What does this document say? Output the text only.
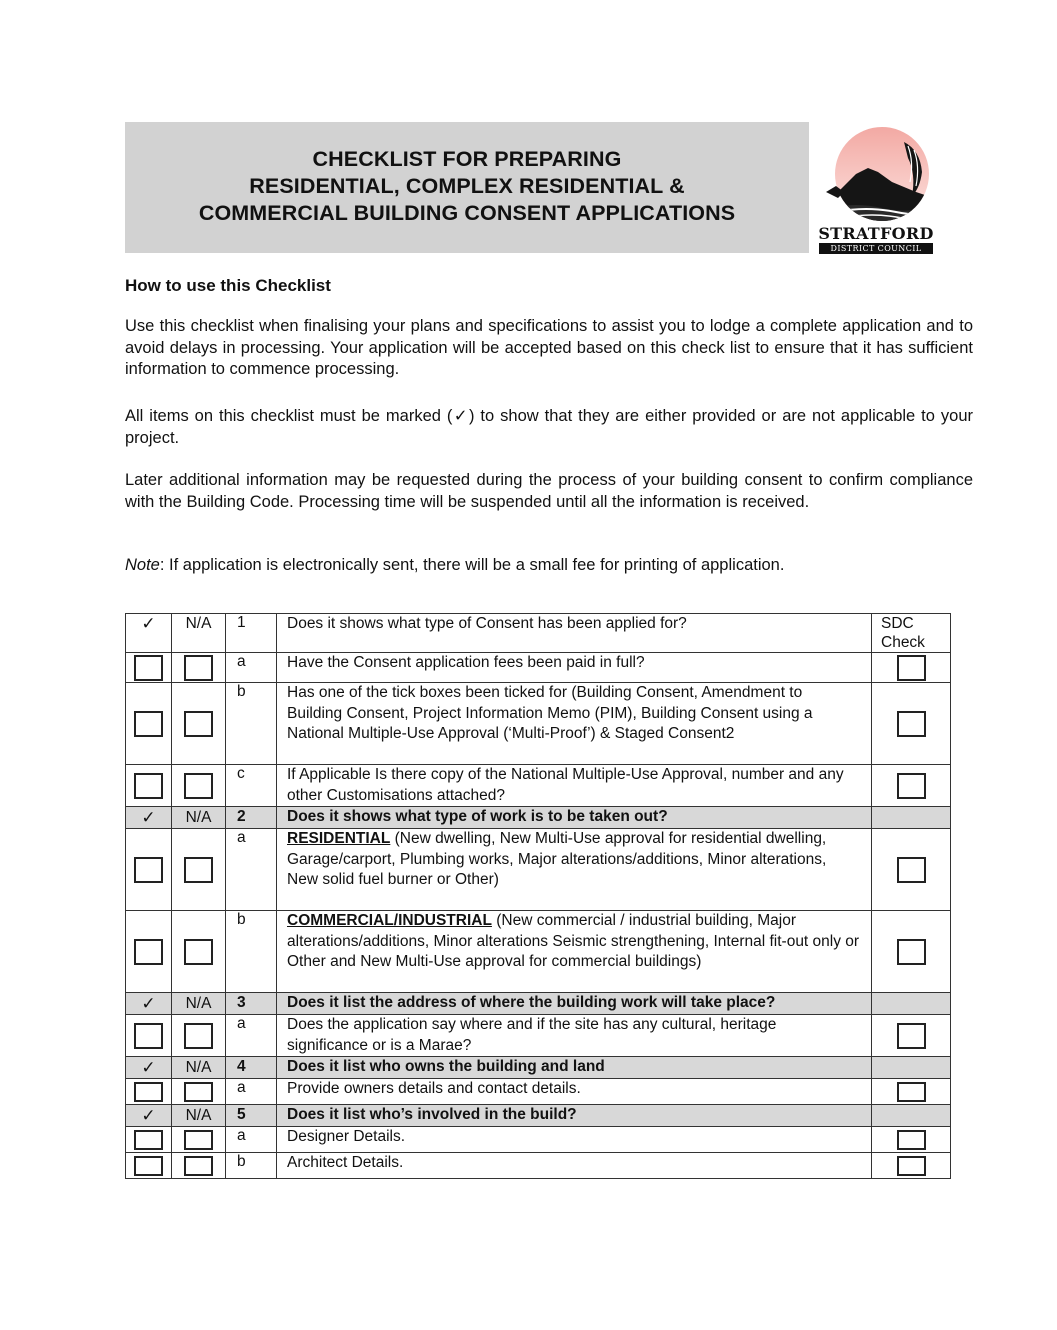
CHECKLIST FOR PREPARING
RESIDENTIAL, COMPLEX RESIDENTIAL &
COMMERCIAL BUILDING CONSENT APPLICATIONS
STRATFORD
DISTRICT COUNCIL
How to use this Checklist

Use this checklist when finalising your plans and specifications to assist you to lodge a complete application and to avoid delays in processing. Your application will be accepted based on this check list to ensure that it has sufficient information to commence processing.

All items on this checklist must be marked (✓) to show that they are either provided or are not applicable to your project.

Later additional information may be requested during the process of your building consent to confirm compliance with the Building Code. Processing time will be suspended until all the information is received.

Note: If application is electronically sent, there will be a small fee for printing of application.
✓	N/A	1	Does it shows what type of Consent has been applied for?	SDC Check
		a	Have the Consent application fees been paid in full?	
		b	Has one of the tick boxes been ticked for (Building Consent, Amendment to Building Consent, Project Information Memo (PIM), Building Consent using a National Multiple-Use Approval (‘Multi-Proof’) & Staged Consent2	
		c	If Applicable Is there copy of the National Multiple-Use Approval, number and any other Customisations attached?	
✓	N/A	2	Does it shows what type of work is to be taken out?	
		a	RESIDENTIAL (New dwelling, New Multi-Use approval for residential dwelling, Garage/carport, Plumbing works, Major alterations/additions, Minor alterations, New solid fuel burner or Other)	
		b	COMMERCIAL/INDUSTRIAL (New commercial / industrial building, Major alterations/additions, Minor alterations Seismic strengthening, Internal fit-out only or Other and New Multi-Use approval for commercial buildings)	
✓	N/A	3	Does it list the address of where the building work will take place?	
		a	Does the application say where and if the site has any cultural, heritage significance or is a Marae?	
✓	N/A	4	Does it list who owns the building and land	
		a	Provide owners details and contact details.	
✓	N/A	5	Does it list who’s involved in the build?	
		a	Designer Details.	
		b	Architect Details.	
